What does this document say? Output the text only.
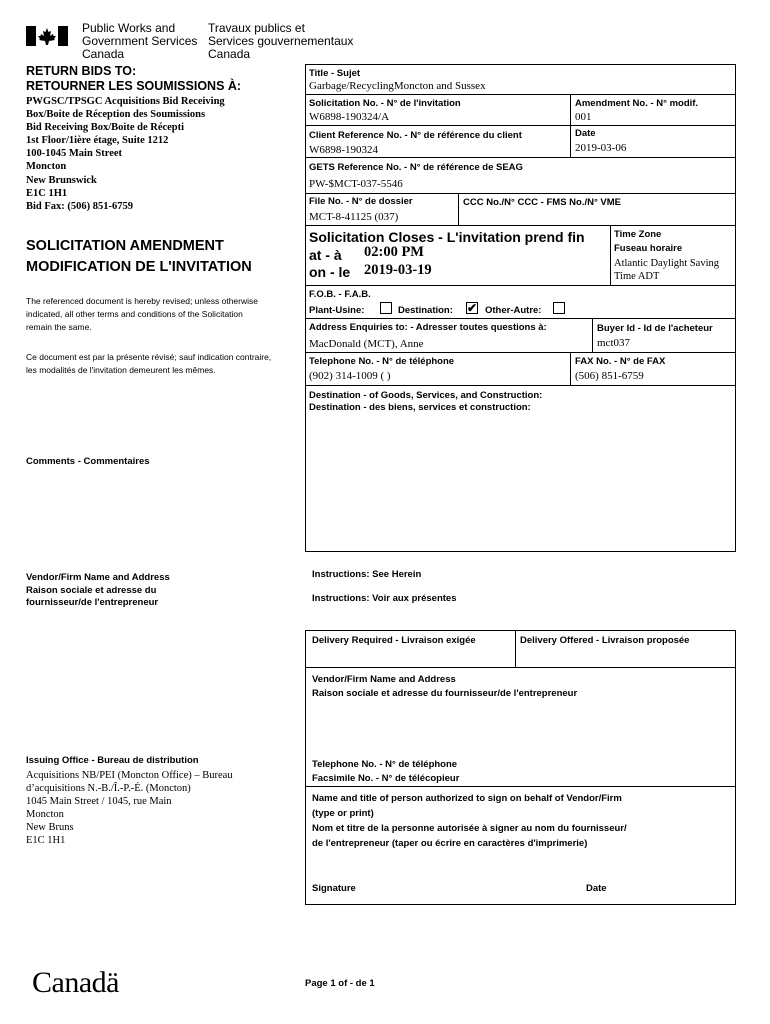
Public Works and
Government Services
Canada
Travaux publics et
Services gouvernementaux
Canada
RETURN BIDS TO:
RETOURNER LES SOUMISSIONS À:
PWGSC/TPSGC Acquisitions Bid Receiving
Box/Boite de Réception des Soumissions
Bid Receiving Box/Boite de Récepti
1st Floor/1ière étage, Suite 1212
100-1045 Main Street
Moncton
New Brunswick
E1C 1H1
Bid Fax: (506) 851-6759
SOLICITATION AMENDMENT
MODIFICATION DE L'INVITATION
The referenced document is hereby revised; unless otherwise
indicated, all other terms and conditions of the Solicitation
remain the same.
Ce document est par la présente révisé; sauf indication contraire,
les modalités de l'invitation demeurent les mêmes.
Comments - Commentaires
Vendor/Firm Name and Address
Raison sociale et adresse du
fournisseur/de l'entrepreneur
Issuing Office - Bureau de distribution
Acquisitions NB/PEI (Moncton Office) – Bureau
d’acquisitions N.-B./Î.-P.-É. (Moncton)
1045 Main Street / 1045, rue Main
Moncton
New Bruns
E1C 1H1
Title - Sujet
Garbage/RecyclingMoncton and Sussex
Solicitation No. - N° de l'invitation
W6898-190324/A
Amendment No. - N° modif.
001
Client Reference No. - N° de référence du client
W6898-190324
Date
2019-03-06
GETS Reference No. - N° de référence de SEAG
PW-$MCT-037-5546
File No. - N° de dossier
MCT-8-41125 (037)
CCC No./N° CCC - FMS No./N° VME
Solicitation Closes - L'invitation prend fin
at - à 02:00 PM
on - le 2019-03-19
Time Zone
Fuseau horaire
Atlantic Daylight Saving
Time ADT
F.O.B. - F.A.B.
Plant-Usine:	Destination: ✔ Other-Autre:
Address Enquiries to: - Adresser toutes questions à:
MacDonald (MCT), Anne
Buyer Id - Id de l'acheteur
mct037
Telephone No. - N° de téléphone
(902) 314-1009 ( )
FAX No. - N° de FAX
(506) 851-6759
Destination - of Goods, Services, and Construction:
Destination - des biens, services et construction:
Instructions: See Herein
Instructions: Voir aux présentes
Delivery Required - Livraison exigée	Delivery Offered - Livraison proposée
Vendor/Firm Name and Address
Raison sociale et adresse du fournisseur/de l'entrepreneur
Telephone No. - N° de téléphone
Facsimile No. - N° de télécopieur
Name and title of person authorized to sign on behalf of Vendor/Firm
(type or print)
Nom et titre de la personne autorisée à signer au nom du fournisseur/
de l'entrepreneur (taper ou écrire en caractères d'imprimerie)
Signature	Date
Canadä	Page 1 of - de 1
